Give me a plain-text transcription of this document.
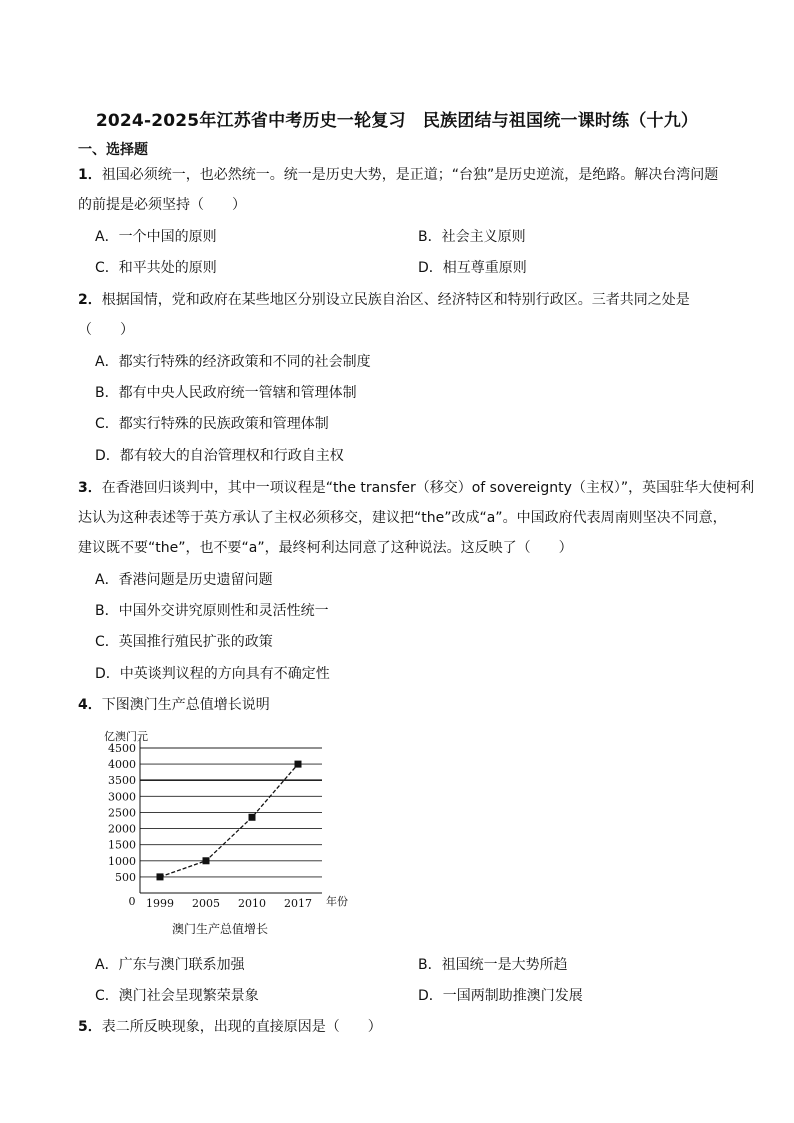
2024-2025年江苏省中考历史一轮复习　民族团结与祖国统一课时练（十九）
一、选择题
1．祖国必须统一，也必然统一。统一是历史大势，是正道；“台独”是历史逆流，是绝路。解决台湾问题
的前提是必须坚持（　　）
A．一个中国的原则	B．社会主义原则
C．和平共处的原则	D．相互尊重原则
2．根据国情，党和政府在某些地区分别设立民族自治区、经济特区和特别行政区。三者共同之处是
（　　）
A．都实行特殊的经济政策和不同的社会制度
B．都有中央人民政府统一管辖和管理体制
C．都实行特殊的民族政策和管理体制
D．都有较大的自治管理权和行政自主权
3．在香港回归谈判中，其中一项议程是“the transfer（移交）of sovereignty（主权）”，英国驻华大使柯利
达认为这种表述等于英方承认了主权必须移交，建议把“the”改成“a”。中国政府代表周南则坚决不同意，
建议既不要“the”，也不要“a”，最终柯利达同意了这种说法。这反映了（　　）
A．香港问题是历史遗留问题
B．中国外交讲究原则性和灵活性统一
C．英国推行殖民扩张的政策
D．中英谈判议程的方向具有不确定性
4．下图澳门生产总值增长说明
500
1000
1500
2000
2500
3000
3500
4000
4500
0
亿澳门元
1999 2005 2010 2017 年份
澳门生产总值增长
A．广东与澳门联系加强	B．祖国统一是大势所趋
C．澳门社会呈现繁荣景象	D．一国两制助推澳门发展
5．表二所反映现象，出现的直接原因是（　　）
